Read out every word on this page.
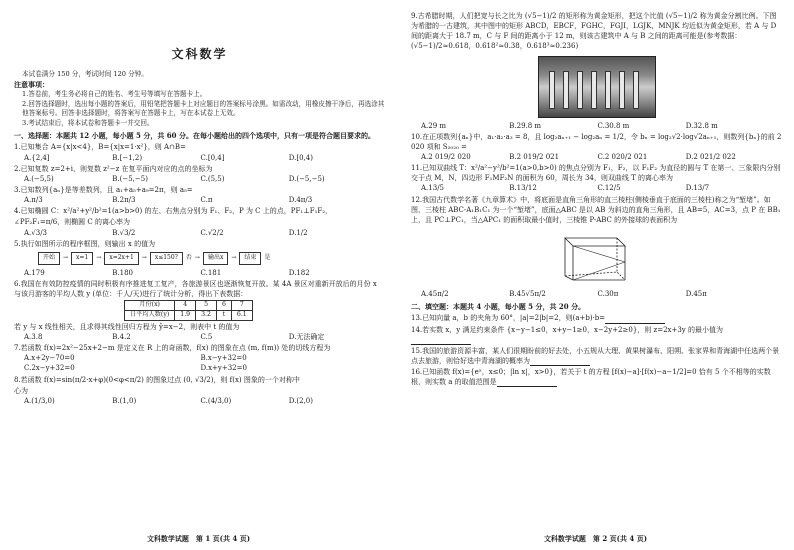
文科数学
本试卷满分 150 分，考试时间 120 分钟。
注意事项：
1.答卷前，考生务必将自己的姓名、考生号等填写在答题卡上。
2.回答选择题时，选出每小题的答案后，用铅笔把答题卡上对应题目的答案标号涂黑。如需改动，用橡皮擦干净后，再选涂其他答案标号。回答非选择题时，将答案写在答题卡上，写在本试卷上无效。
3.考试结束后，将本试卷和答题卡一并交回。
一、选择题：本题共 12 小题，每小题 5 分，共 60 分。在每小题给出的四个选项中，只有一项是符合题目要求的。
1.已知集合 A={x|x<4}，B={x|x=1·x²}，则 A∩B=
A.{2,4]	B.[−1,2)	C.[0,4]	D.[0,4)
2.已知复数 z=2+i，则复数 z²−z 在复平面内对应的点的坐标为
A.(−5,5)	B.(−5,−5)	C.(5,5)	D.(−5,−5)
3.已知数列{aₙ}是等差数列，且 a₁+a₅+a₉=2π，则 a₅=
A.π/3	B.2π/3	C.π	D.4π/3
4.已知椭圆 C：x²/a²+y²/b²=1(a>b>0) 的左、右焦点分别为 F₁、F₂，P 为 C 上的点，PF₁⊥F₁F₂，
∠PF₂F₁=π/6，则椭圆 C 的离心率为
A.√3/3	B.√3/2	C.√2/2	D.1/2
5.执行如图所示的程序框图，则输出 x 的值为
开始	→	x=1	→	x=2x+1	→	x≤150?	否 →	输出x	→	结束	是
A.179	B.180	C.181	D.182
6.我国在有效防控疫情的同时积极有序推进复工复产，各旅游景区也逐渐恢复开放。某 4A 景区对重新开放后的月份 x 与该月游客的平均人数 y (单位：千人/天)进行了统计分析，得出下表数据：
月份(x)	4	5	6	7
日平均人数(y)	1.9	3.2	t	6.1
若 y 与 x 线性相关，且求得其线性回归方程为 ŷ=x−2，则表中 t 的值为
A.3.8	B.4.2	C.5	D.无法确定
7.若函数 f(x)=2x²−25x+2−m 是定义在 R 上的奇函数，f(x) 的图象在点 (m, f(m)) 处的切线方程为
A.x+2y−70=0	B.x−y+32=0
C.2x−y+32=0	D.x+y+32=0
8.若函数 f(x)=sin(π/2·x+φ)(0<φ<π/2) 的图象过点 (0, √3/2)，则 f(x) 图象的一个对称中
心为
A.(1/3,0)	B.(1,0)	C.(4/3,0)	D.(2,0)
文科数学试题　第 1 页(共 4 页)
9.古希腊时期，人们把宽与长之比为 (√5−1)/2 的矩形称为黄金矩形，把这个比值 (√5−1)/2 称为黄金分割比例。下图为希腊的一古建筑，其中图中的矩形 ABCD，EBCF，FGHC，FGJI，LGJK，MNJK 均近似为黄金矩形，若 A 与 D 间的距离大于 18.7 m，C 与 F 间的距离小于 12 m，则该古建筑中 A 与 B 之间的距离可能是(参考数据：(√5−1)/2≈0.618，0.618²≈0.38，0.618³≈0.236)
A.29 m	B.29.8 m	C.30.8 m	D.32.8 m
10.在正项数列{aₙ}中，a₁·a₂·a₃ = 8，且 log₂aₙ₊₁ − log₂aₙ = 1/2，令 bₙ = log₂√2·log√2aₙ₊₁，则数列{bₙ}的前 2 020 项和 S₂₀₂₀ =
A.2 019/2 020	B.2 019/2 021	C.2 020/2 021	D.2 021/2 022
11.已知双曲线 T：x²/a²−y²/b²=1(a>0,b>0) 的焦点分别为 F₁，F₂，以 F₁F₂ 为直径的圆与 T 在第一、三象限内分别交于点 M，N，四边形 F₁MF₂N 的面积为 60，周长为 34，则双曲线 T 的离心率为
A.13/5	B.13/12	C.12/5	D.13/7
12.我国古代数学名著《九章算术》中，将底面是直角三角形的直三棱柱(侧棱垂直于底面的三棱柱)称之为“堑堵”。如图，三棱柱 ABC-A₁B₁C₁ 为一个“堑堵”，底面△ABC 是以 AB 为斜边的直角三角形，且 AB=5，AC=3，点 P 在 BB₁ 上，且 PC⊥PC₁，当△APC₁ 的面积取最小值时，三棱锥 P-ABC 的外接球的表面积为
A.45π/2	B.45√5π/2	C.30π	D.45π
二、填空题：本题共 4 小题，每小题 5 分，共 20 分。
13.已知向量 a，b 的夹角为 60°，|a|=2|b|=2，则(a+b)·b=
14.若实数 x，y 满足约束条件 {x−y−1≤0，x+y−1≥0，x−2y+2≥0}，则 z=2x+3y 的最小值为
15.我国的旅游资源丰富，某人们很期盼前的好去处，小五规从大理、黄果树瀑布、阳朔、张家界和青海湖中任选两个景点去旅游，则恰好选中青海湖的概率为
16.已知函数 f(x)={eˣ，x≤0；|ln x|，x>0}，若关于 t 的方程 [f(x)−a]·[f(x)−a−1/2]=0 恰有 5 个不相等的实数根，则实数 a 的取值范围是
文科数学试题　第 2 页(共 4 页)
